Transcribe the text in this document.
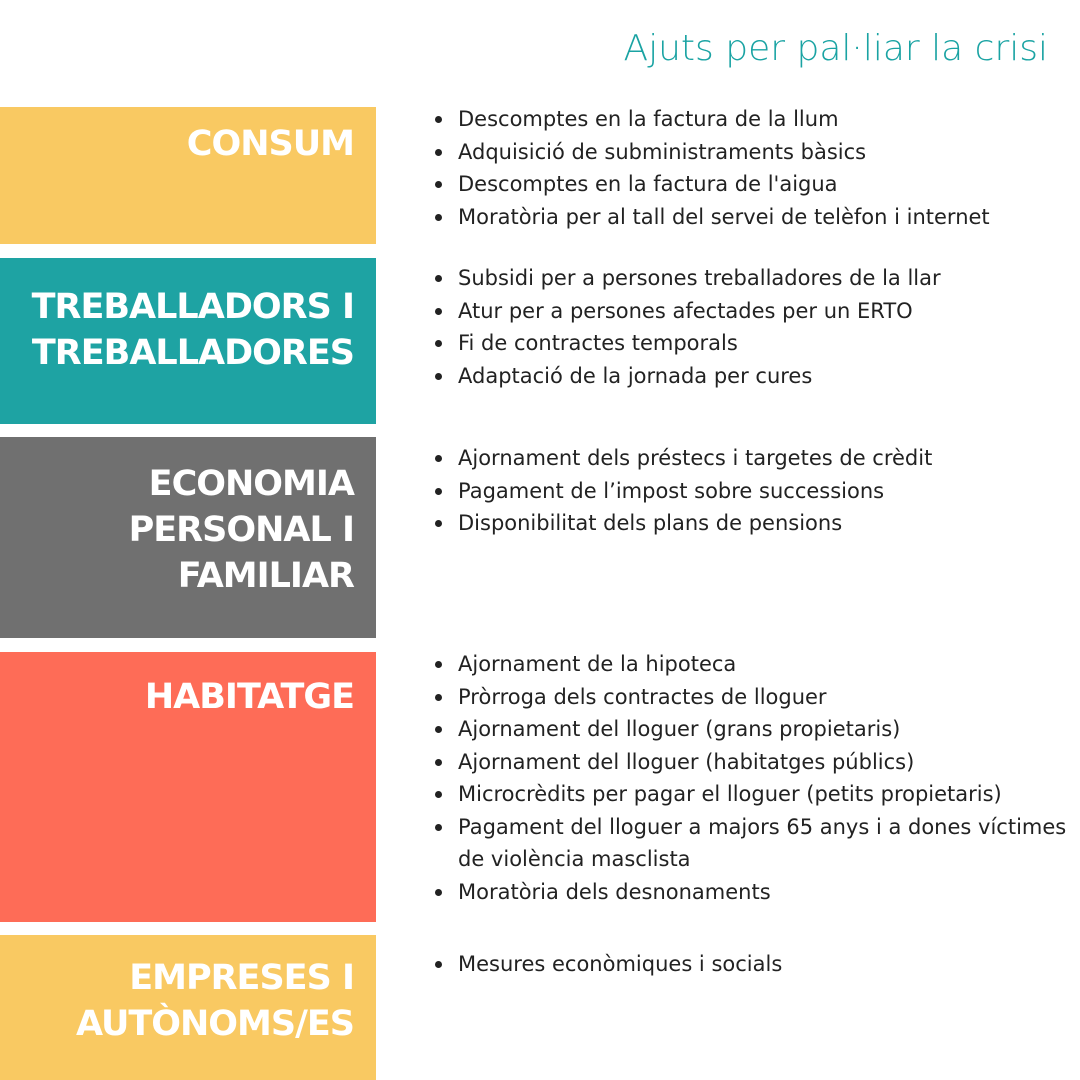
Ajuts per pal·liar la crisi
CONSUM
Descomptes en la factura de la llum
Adquisició de subministraments bàsics
Descomptes en la factura de l'aigua
Moratòria per al tall del servei de telèfon i internet
TREBALLADORS I
TREBALLADORES
Subsidi per a persones treballadores de la llar
Atur per a persones afectades per un ERTO
Fi de contractes temporals
Adaptació de la jornada per cures
ECONOMIA
PERSONAL I
FAMILIAR
Ajornament dels préstecs i targetes de crèdit
Pagament de l’impost sobre successions
Disponibilitat dels plans de pensions
HABITATGE
Ajornament de la hipoteca
Pròrroga dels contractes de lloguer
Ajornament del lloguer (grans propietaris)
Ajornament del lloguer (habitatges públics)
Microcrèdits per pagar el lloguer (petits propietaris)
Pagament del lloguer a majors 65 anys i a dones víctimes de violència masclista
Moratòria dels desnonaments
EMPRESES I
AUTÒNOMS/ES
Mesures econòmiques i socials
